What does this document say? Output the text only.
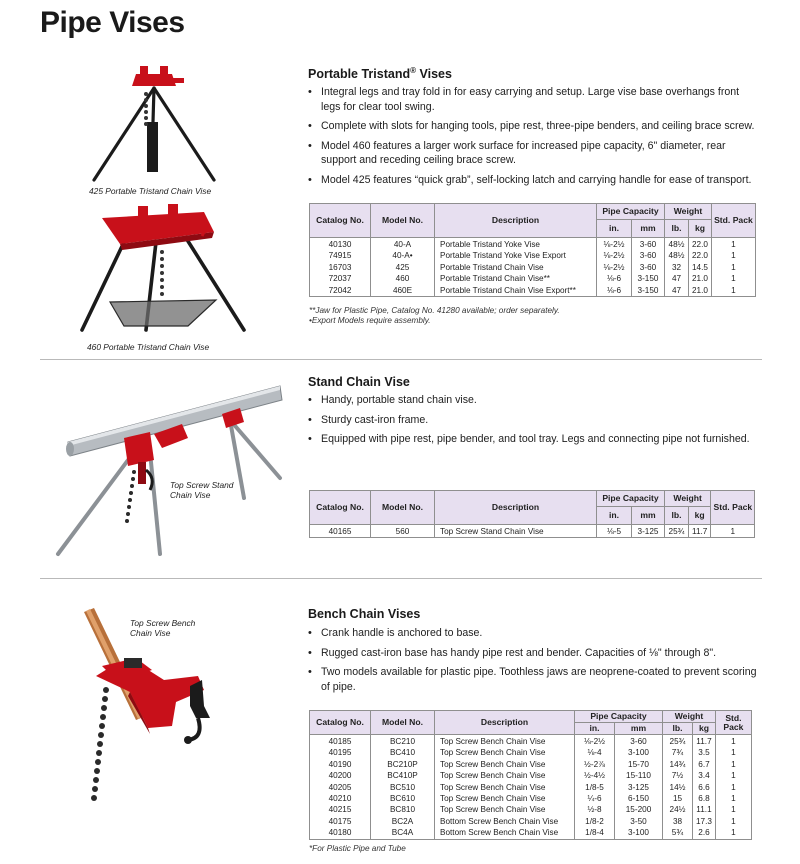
Pipe Vises
425 Portable Tristand Chain Vise
460 Portable Tristand Chain Vise
Portable Tristand® Vises
• Integral legs and tray fold in for easy carrying and setup. Large vise base overhangs front legs for clear tool swing.
• Complete with slots for hanging tools, pipe rest, three-pipe benders, and ceiling brace screw.
• Model 460 features a larger work surface for increased pipe capacity, 6" diameter, rear support and receding ceiling brace screw.
• Model 425 features “quick grab”, self-locking latch and carrying handle for ease of transport.
Catalog No.	Model No.	Description	Pipe Capacity		Weight		Std. Pack
			in.	mm	lb.	kg	
40130	40-A	Portable Tristand Yoke Vise	⅛-2½	3-60	48½	22.0	1
74915	40-A•	Portable Tristand Yoke Vise Export	⅛-2½	3-60	48½	22.0	1
16703	425	Portable Tristand Chain Vise	⅛-2½	3-60	32	14.5	1
72037	460	Portable Tristand Chain Vise**	⅛-6	3-150	47	21.0	1
72042	460E	Portable Tristand Chain Vise Export**	⅛-6	3-150	47	21.0	1
**Jaw for Plastic Pipe, Catalog No. 41280 available; order separately.
•Export Models require assembly.
Top Screw Stand Chain Vise
Stand Chain Vise
• Handy, portable stand chain vise.
• Sturdy cast-iron frame.
• Equipped with pipe rest, pipe bender, and tool tray. Legs and connecting pipe not furnished.
Catalog No.	Model No.	Description	Pipe Capacity		Weight		Std. Pack
			in.	mm	lb.	kg	
40165	560	Top Screw Stand Chain Vise	⅛-5	3-125	25¾	11.7	1
Top Screw Bench Chain Vise
Bench Chain Vises
• Crank handle is anchored to base.
• Rugged cast-iron base has handy pipe rest and bender. Capacities of ⅛" through 8".
• Two models available for plastic pipe. Toothless jaws are neoprene-coated to prevent scoring of pipe.
Catalog No.	Model No.	Description	Pipe Capacity		Weight		Std. Pack
			in.	mm	lb.	kg	
40185	BC210	Top Screw Bench Chain Vise	⅛-2½	3-60	25¾	11.7	1
40195	BC410	Top Screw Bench Chain Vise	⅛-4	3-100	7¾	3.5	1
40190	BC210P	Top Screw Bench Chain Vise	½-2⅞	15-70	14¾	6.7	1
40200	BC410P	Top Screw Bench Chain Vise	½-4½	15-110	7½	3.4	1
40205	BC510	Top Screw Bench Chain Vise	1/8-5	3-125	14½	6.6	1
40210	BC610	Top Screw Bench Chain Vise	¼-6	6-150	15	6.8	1
40215	BC810	Top Screw Bench Chain Vise	½-8	15-200	24½	11.1	1
40175	BC2A	Bottom Screw Bench Chain Vise	1/8-2	3-50	38	17.3	1
40180	BC4A	Bottom Screw Bench Chain Vise	1/8-4	3-100	5¾	2.6	1
*For Plastic Pipe and Tube
